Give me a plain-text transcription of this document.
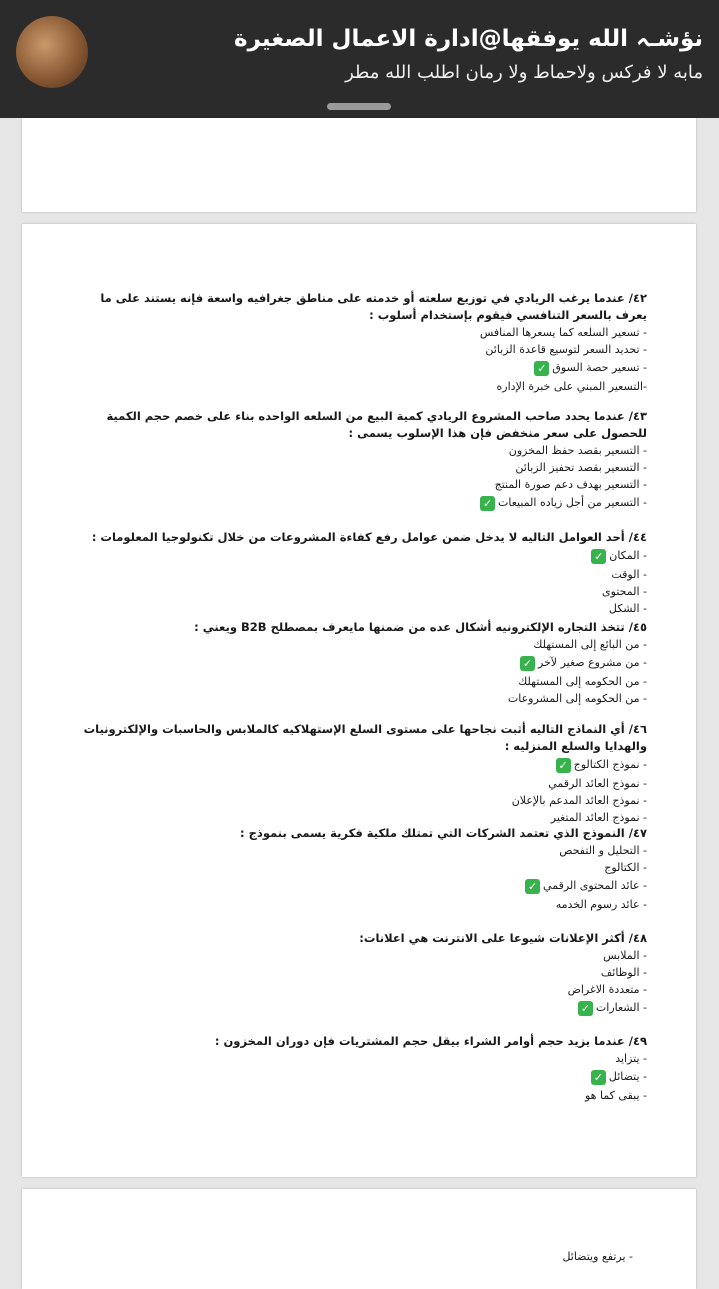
نؤشـہ الله يوفقها@ادارة الاعمال الصغيرة
مابه لا فركس ولاحماط ولا رمان اطلب الله مطر
٤٢/ عندما يرغب الريادي في توزيع سلعته أو خدمته على مناطق جغرافيه واسعة فإنه يستند على ما يعرف بالسعر التنافسي فيقوم بإستخدام أسلوب :
- تسعير السلعه كما يسعرها المنافس
- تحديد السعر لتوسيع قاعدة الزبائن
- تسعير حصة السوق
✓
-التسعير المبني على خبرة الإداره
٤٣/ عندما يحدد صاحب المشروع الريادي كمية البيع من السلعه الواحده بناء على خصم حجم الكمية للحصول على سعر منخفض فإن هذا الإسلوب يسمى :
- التسعير بقصد حفظ المخزون
- التسعير بقصد تحفيز الزبائن
- التسعير بهدف دعم صورة المنتج
- التسعير من أجل زياده المبيعات
✓
٤٤/ أحد العوامل التاليه لا يدخل ضمن عوامل رفع كفاءة المشروعات من خلال تكنولوجيا المعلومات :
- المكان
✓
- الوقت
- المحتوى
- الشكل
٤٥/ تتخذ التجاره الإلكترونيه أشكال عده من ضمنها مايعرف بمصطلح B2B ويعني :
- من البائع إلى المستهلك
- من مشروع صغير لآخر
✓
- من الحكومه إلى المستهلك
- من الحكومه إلى المشروعات
٤٦/ أي النماذج التاليه أثبت نجاحها على مستوى السلع الإستهلاكيه كالملابس والحاسبات والإلكترونيات والهدايا والسلع المنزليه :
- نموذج الكتالوج
✓
- نموذج العائد الرقمي
- نموذج العائد المدعم بالإعلان
- نموذج العائد المتغير
٤٧/ النموذج الذي تعتمد الشركات التي تمتلك ملكية فكرية يسمى بنموذج :
- التحليل و التفحص
- الكتالوج
- عائد المحتوى الرقمي
✓
- عائد رسوم الخدمه
٤٨/ أكثر الإعلانات شيوعا على الانترنت هي اعلانات:
- الملابس
- الوظائف
- متعددة الاغراض
- الشعارات
✓
٤٩/ عندما يزيد حجم أوامر الشراء بيقل حجم المشتريات فإن دوران المخزون :
- يتزايد
- يتضائل
✓
- يبقى كما هو
- يرتفع ويتضائل
